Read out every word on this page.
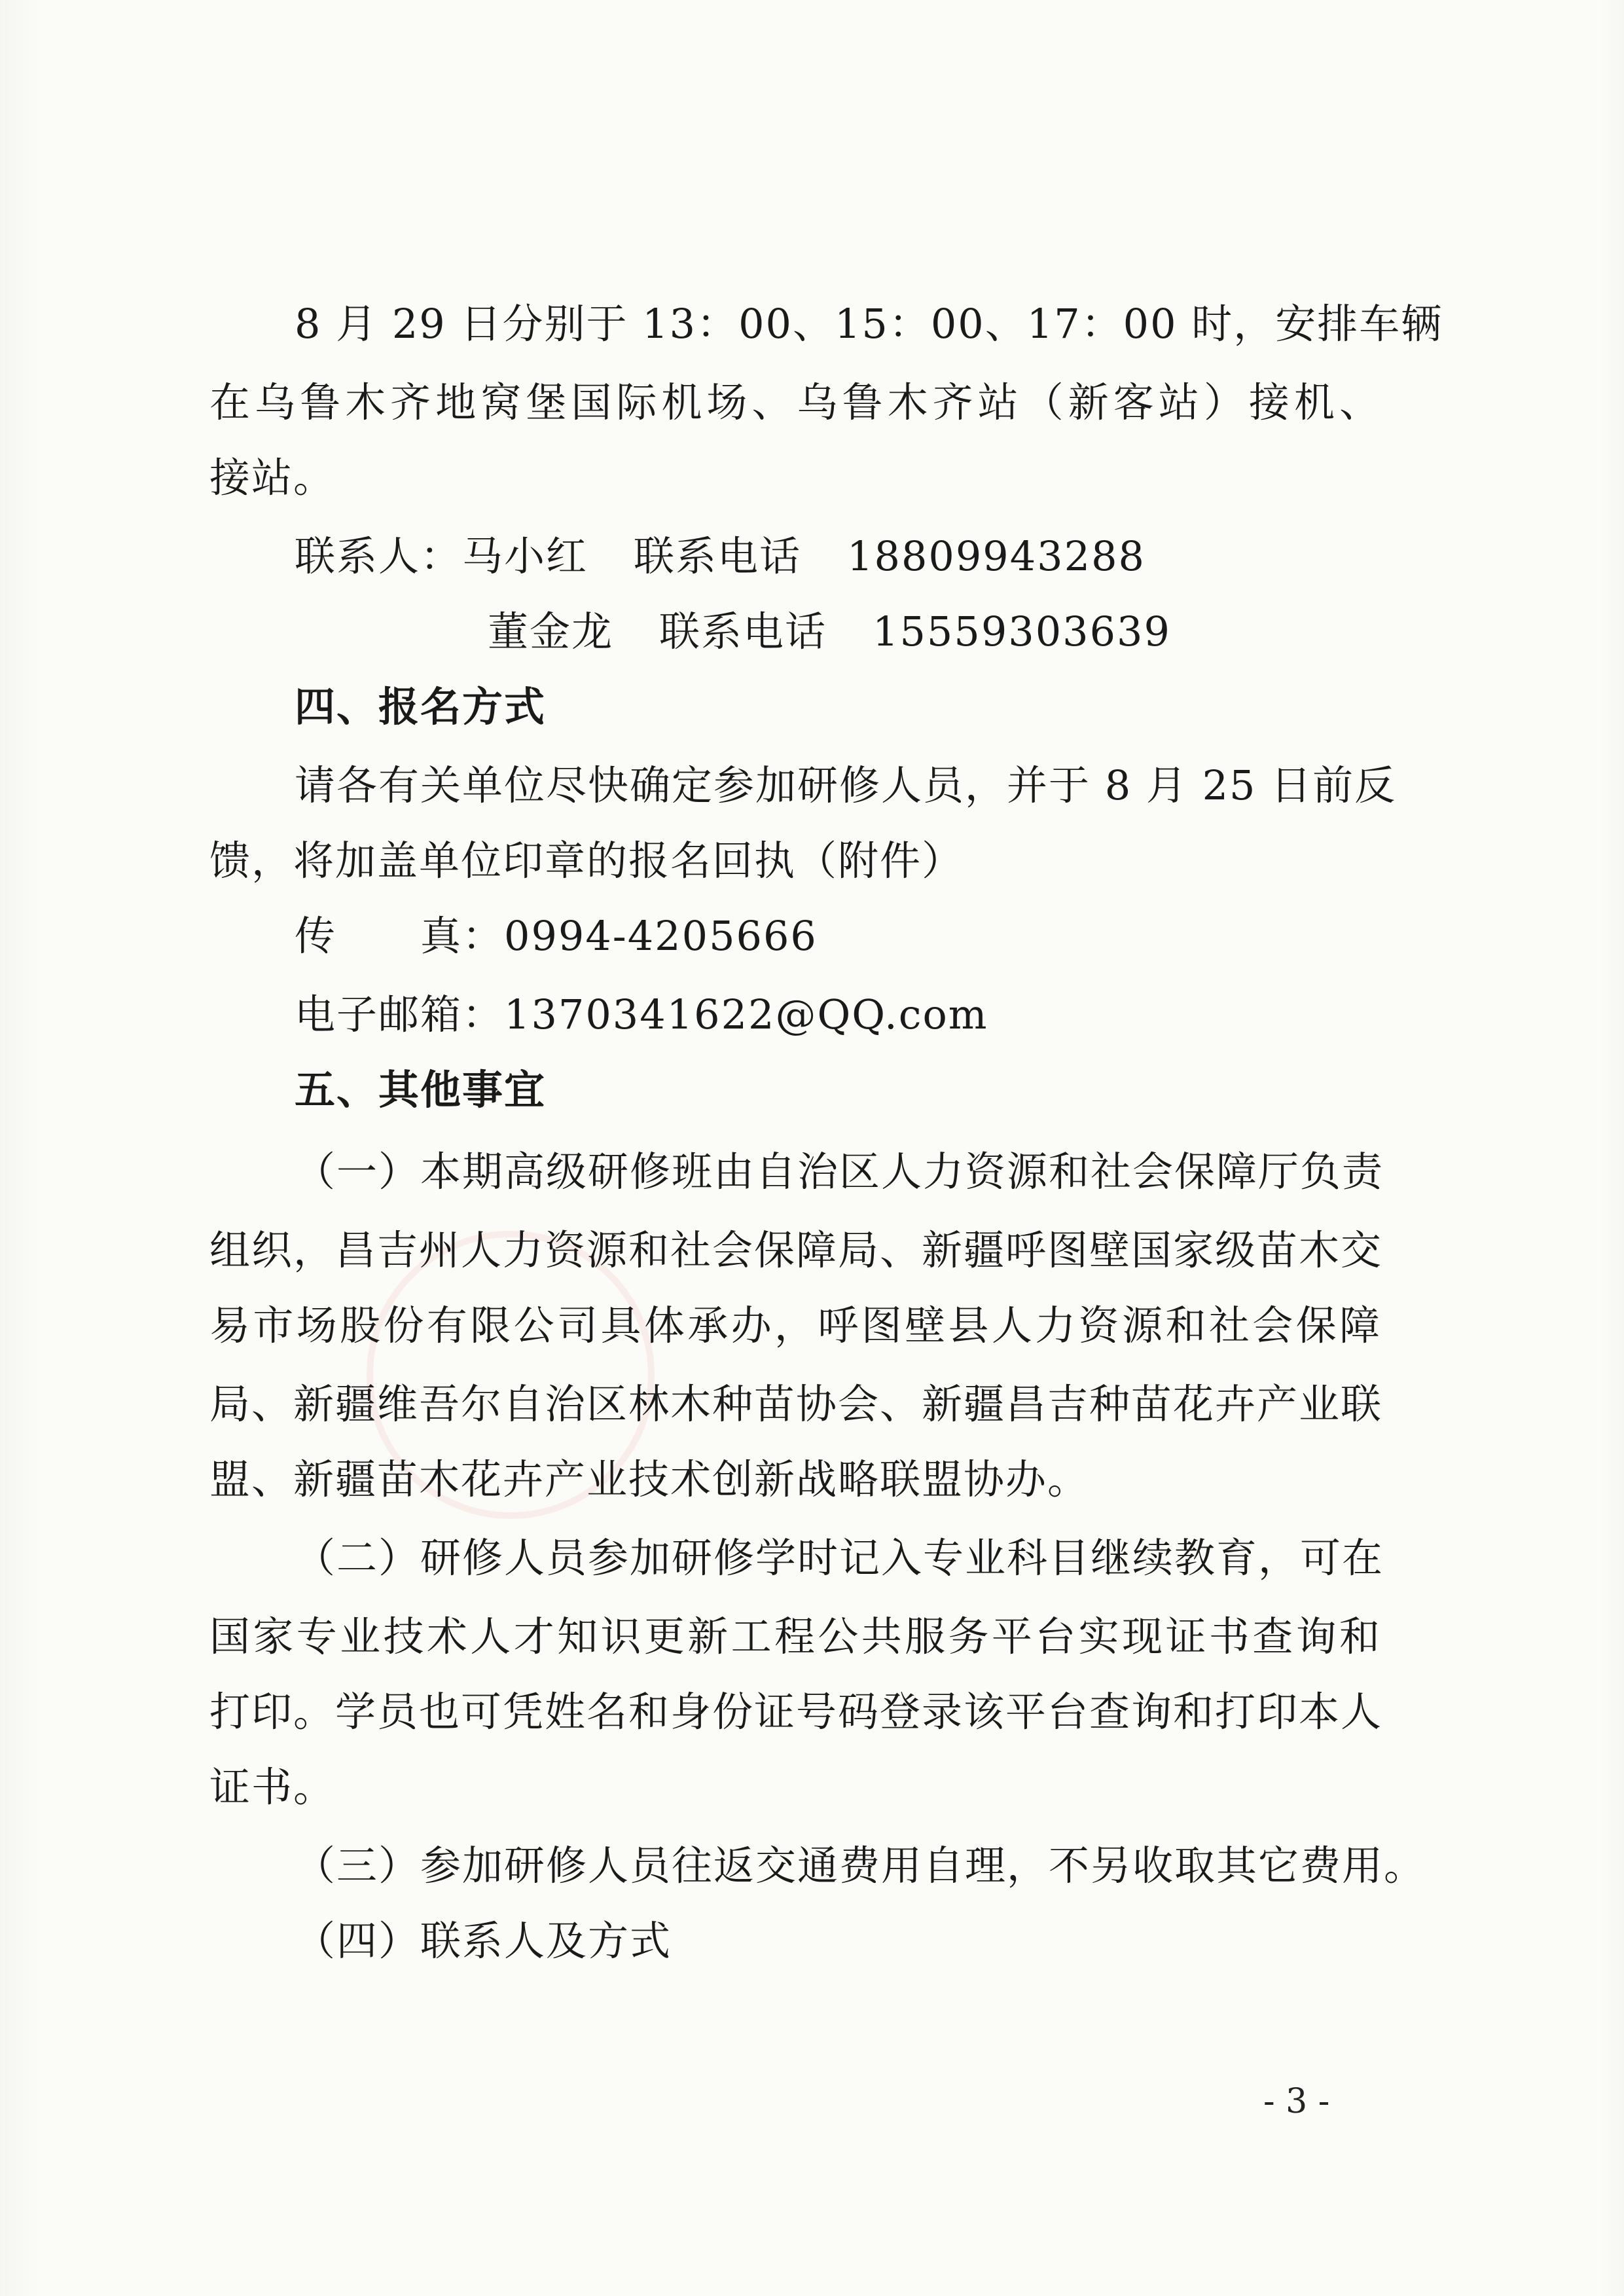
8 月 29 日分别于 13：00、15：00、17：00 时，安排车辆
在乌鲁木齐地窝堡国际机场、乌鲁木齐站（新客站）接机、
接站。
联系人：马小红 联系电话 18809943288
董金龙 联系电话 15559303639
四、报名方式
请各有关单位尽快确定参加研修人员，并于 8 月 25 日前反
馈，将加盖单位印章的报名回执（附件）
传　　真：0994-4205666
电子邮箱：1370341622@QQ.com
五、其他事宜
（一）本期高级研修班由自治区人力资源和社会保障厅负责
组织，昌吉州人力资源和社会保障局、新疆呼图壁国家级苗木交
易市场股份有限公司具体承办，呼图壁县人力资源和社会保障
局、新疆维吾尔自治区林木种苗协会、新疆昌吉种苗花卉产业联
盟、新疆苗木花卉产业技术创新战略联盟协办。
（二）研修人员参加研修学时记入专业科目继续教育，可在
国家专业技术人才知识更新工程公共服务平台实现证书查询和
打印。学员也可凭姓名和身份证号码登录该平台查询和打印本人
证书。
（三）参加研修人员往返交通费用自理，不另收取其它费用。
（四）联系人及方式
- 3 -
